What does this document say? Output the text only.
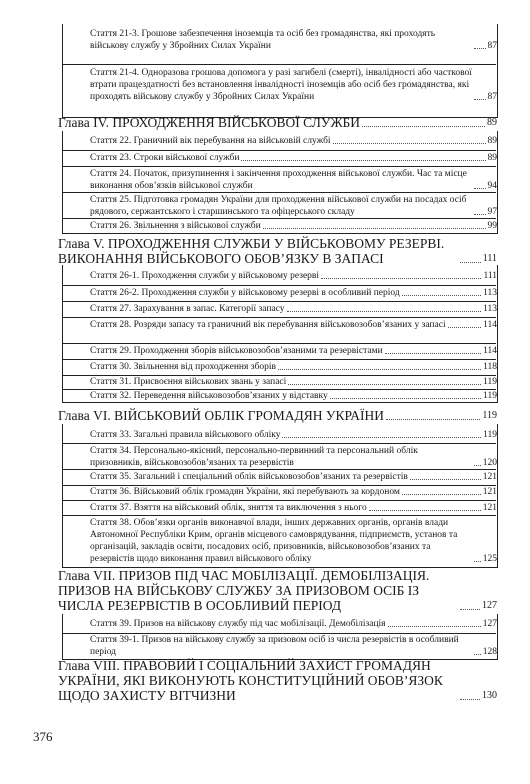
Стаття 21-3. Грошове забезпечення іноземців та осіб без громадянства, які проходять військову службу у Збройних Силах України	87
Стаття 21-4. Одноразова грошова допомога у разі загибелі (смерті), інвалідності або часткової втрати працездатності без встановлення інвалідності іноземців або осіб без громадянства, які проходять військову службу у Збройних Силах України	87
Глава IV. ПРОХОДЖЕННЯ ВІЙСЬКОВОЇ СЛУЖБИ	89
Стаття 22. Граничний вік перебування на військовій службі	89
Стаття 23. Строки військової служби	89
Стаття 24. Початок, призупинення і закінчення проходження військової служби. Час та місце виконання обов’язків військової служби	94
Стаття 25. Підготовка громадян України для проходження військової служби на посадах осіб рядового, сержантського і старшинського та офіцерського складу	97
Стаття 26. Звільнення з військової служби	99
Глава V. ПРОХОДЖЕННЯ СЛУЖБИ У ВІЙСЬКОВОМУ РЕЗЕРВІ. ВИКОНАННЯ ВІЙСЬКОВОГО ОБОВ’ЯЗКУ В ЗАПАСІ	111
Стаття 26-1. Проходження служби у військовому резерві	111
Стаття 26-2. Проходження служби у військовому резерві в особливий період	113
Стаття 27. Зарахування в запас. Категорії запасу	113
Стаття 28. Розряди запасу та граничний вік перебування військовозобов’язаних у запасі	114
Стаття 29. Проходження зборів військовозобов’язаними та резервістами	114
Стаття 30. Звільнення від проходження зборів	118
Стаття 31. Присвоєння військових звань у запасі	119
Стаття 32. Переведення військовозобов’язаних у відставку	119
Глава VI. ВІЙСЬКОВИЙ ОБЛІК ГРОМАДЯН УКРАЇНИ	119
Стаття 33. Загальні правила військового обліку	119
Стаття 34. Персонально-якісний, персонально-первинний та персональний облік призовників, військовозобов’язаних та резервістів	120
Стаття 35. Загальний і спеціальний облік військовозобов’язаних та резервістів	121
Стаття 36. Військовий облік громадян України, які перебувають за кордоном	121
Стаття 37. Взяття на військовий облік, зняття та виключення з нього	121
Стаття 38. Обов’язки органів виконавчої влади, інших державних органів, органів влади Автономної Республіки Крим, органів місцевого самоврядування, підприємств, установ та організацій, закладів освіти, посадових осіб, призовників, військовозобов’язаних та резервістів щодо виконання правил військового обліку	125
Глава VII. ПРИЗОВ ПІД ЧАС МОБІЛІЗАЦІЇ. ДЕМОБІЛІЗАЦІЯ. ПРИЗОВ НА ВІЙСЬКОВУ СЛУЖБУ ЗА ПРИЗОВОМ ОСІБ ІЗ ЧИСЛА РЕЗЕРВІСТІВ В ОСОБЛИВИЙ ПЕРІОД	127
Стаття 39. Призов на військову службу під час мобілізації. Демобілізація	127
Стаття 39-1. Призов на військову службу за призовом осіб із числа резервістів в особливий період	128
Глава VIII. ПРАВОВИЙ І СОЦІАЛЬНИЙ ЗАХИСТ ГРОМАДЯН УКРАЇНИ, ЯКІ ВИКОНУЮТЬ КОНСТИТУЦІЙНИЙ ОБОВ’ЯЗОК ЩОДО ЗАХИСТУ ВІТЧИЗНИ	130
376
